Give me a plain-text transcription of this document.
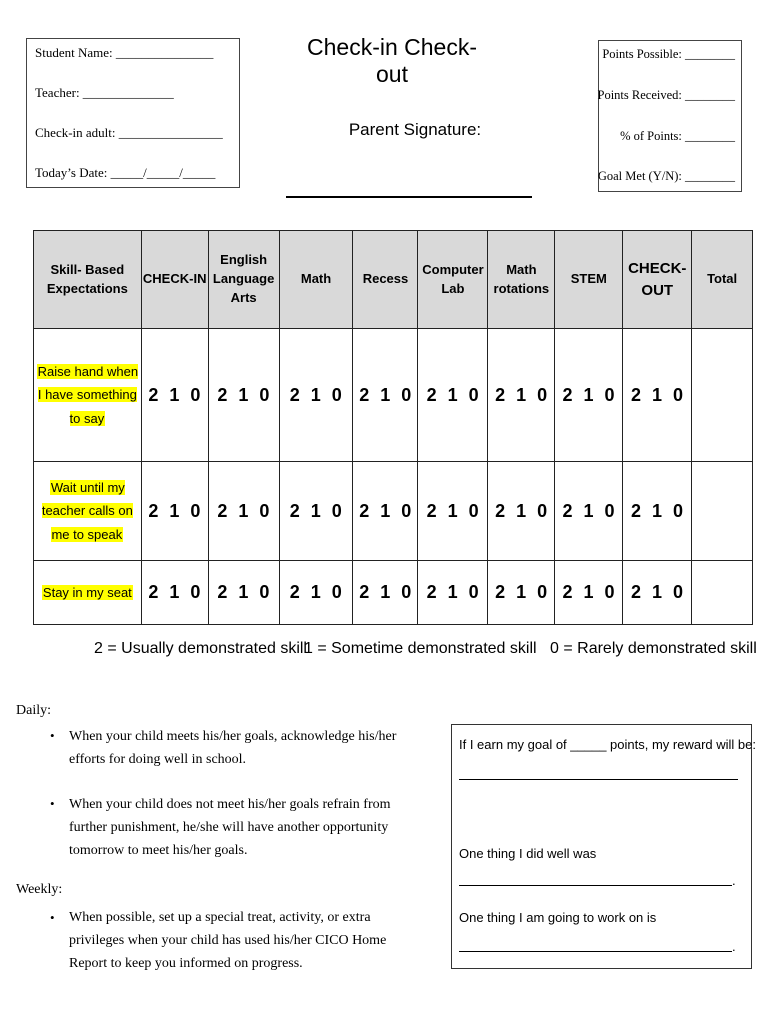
Student Name: _______________
Teacher: ______________
Check-in adult: ________________
Today’s Date: _____/_____/_____
Check-in Check-out
Parent Signature:
Points Possible: ________
Points Received: ________
% of Points: ________
Goal Met (Y/N): ________
Skill- Based Expectations	CHECK-IN	English Language Arts	Math	Recess	Computer Lab	Math rotations	STEM	CHECK-OUT	Total
Raise hand when I have something to say	2 1 0	2 1 0	2 1 0	2 1 0	2 1 0	2 1 0	2 1 0	2 1 0	
Wait until my teacher calls on me to speak	2 1 0	2 1 0	2 1 0	2 1 0	2 1 0	2 1 0	2 1 0	2 1 0	
Stay in my seat	2 1 0	2 1 0	2 1 0	2 1 0	2 1 0	2 1 0	2 1 0	2 1 0	
2 = Usually demonstrated skill
1 = Sometime demonstrated skill 0 = Rarely demonstrated skill
Daily:
• When your child meets his/her goals, acknowledge his/her efforts for doing well in school.
• When your child does not meet his/her goals refrain from further punishment, he/she will have another opportunity tomorrow to meet his/her goals.
Weekly:
• When possible, set up a special treat, activity, or extra privileges when your child has used his/her CICO Home Report to keep you informed on progress.
If I earn my goal of _____ points, my reward will be:
One thing I did well was
.
One thing I am going to work on is
.
